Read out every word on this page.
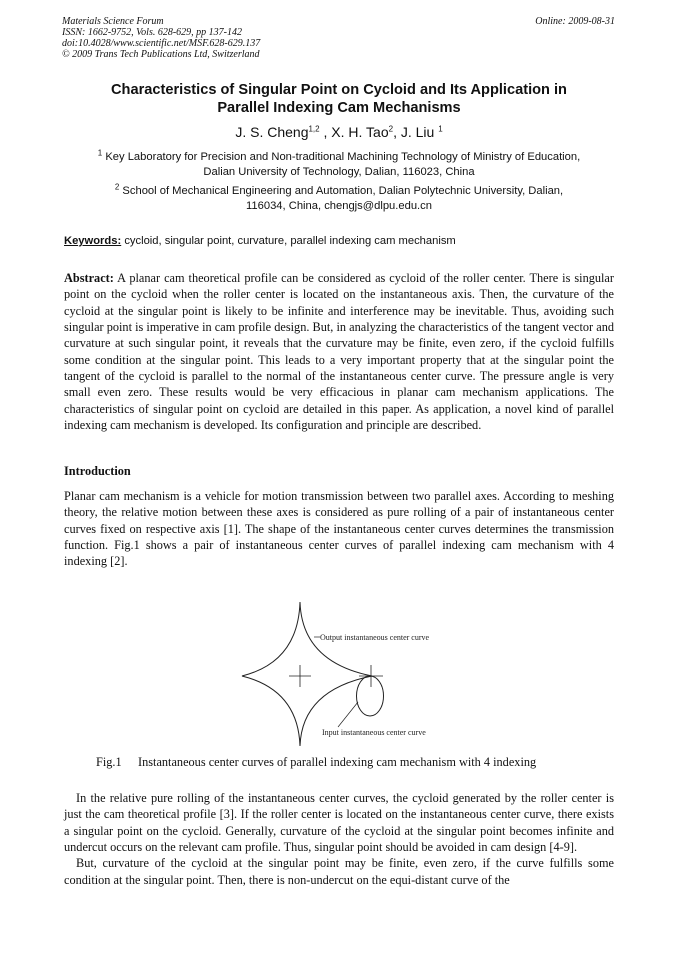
Materials Science Forum
ISSN: 1662-9752, Vols. 628-629, pp 137-142
doi:10.4028/www.scientific.net/MSF.628-629.137
© 2009 Trans Tech Publications Ltd, Switzerland
Online: 2009-08-31
Characteristics of Singular Point on Cycloid and Its Application in
Parallel Indexing Cam Mechanisms
J. S. Cheng$^{1,2}$ , X. H. Tao$^2$, J. Liu $^1$
$^1$ Key Laboratory for Precision and Non-traditional Machining Technology of Ministry of Education,
Dalian University of Technology, Dalian, 116023, China
$^2$ School of Mechanical Engineering and Automation, Dalian Polytechnic University, Dalian,
116034, China, chengjs@dlpu.edu.cn
Keywords: cycloid, singular point, curvature, parallel indexing cam mechanism

Abstract: A planar cam theoretical profile can be considered as cycloid of the roller center. There is singular point on the cycloid when the roller center is located on the instantaneous axis. Then, the curvature of the cycloid at the singular point is likely to be infinite and interference may be inevitable. Thus, avoiding such singular point is imperative in cam profile design. But, in analyzing the characteristics of the tangent vector and curvature at such singular point, it reveals that the curvature may be finite, even zero, if the cycloid fulfills some condition at the singular point. This leads to a very important property that at the singular point the tangent of the cycloid is parallel to the normal of the instantaneous center curve. The pressure angle is very small even zero. These results would be very efficacious in planar cam mechanism applications. The characteristics of singular point on cycloid are detailed in this paper. As application, a novel kind of parallel indexing cam mechanism is developed. Its configuration and principle are described.

Introduction

Planar cam mechanism is a vehicle for motion transmission between two parallel axes. According to meshing theory, the relative motion between these axes is considered as pure rolling of a pair of instantaneous center curves fixed on respective axis [1]. The shape of the instantaneous center curves determines the transmission function. Fig.1 shows a pair of instantaneous center curves of parallel indexing cam mechanism with 4 indexing [2].

Output instantaneous center curve
Input instantaneous center curve
Fig.1 Instantaneous center curves of parallel indexing cam mechanism with 4 indexing

In the relative pure rolling of the instantaneous center curves, the cycloid generated by the roller center is just the cam theoretical profile [3]. If the roller center is located on the instantaneous center curve, there exists a singular point on the cycloid. Generally, curvature of the cycloid at the singular point becomes infinite and undercut occurs on the relevant cam profile. Thus, singular point should be avoided in cam design [4-9].

But, curvature of the cycloid at the singular point may be finite, even zero, if the curve fulfills some condition at the singular point. Then, there is non-undercut on the equi-distant curve of the
